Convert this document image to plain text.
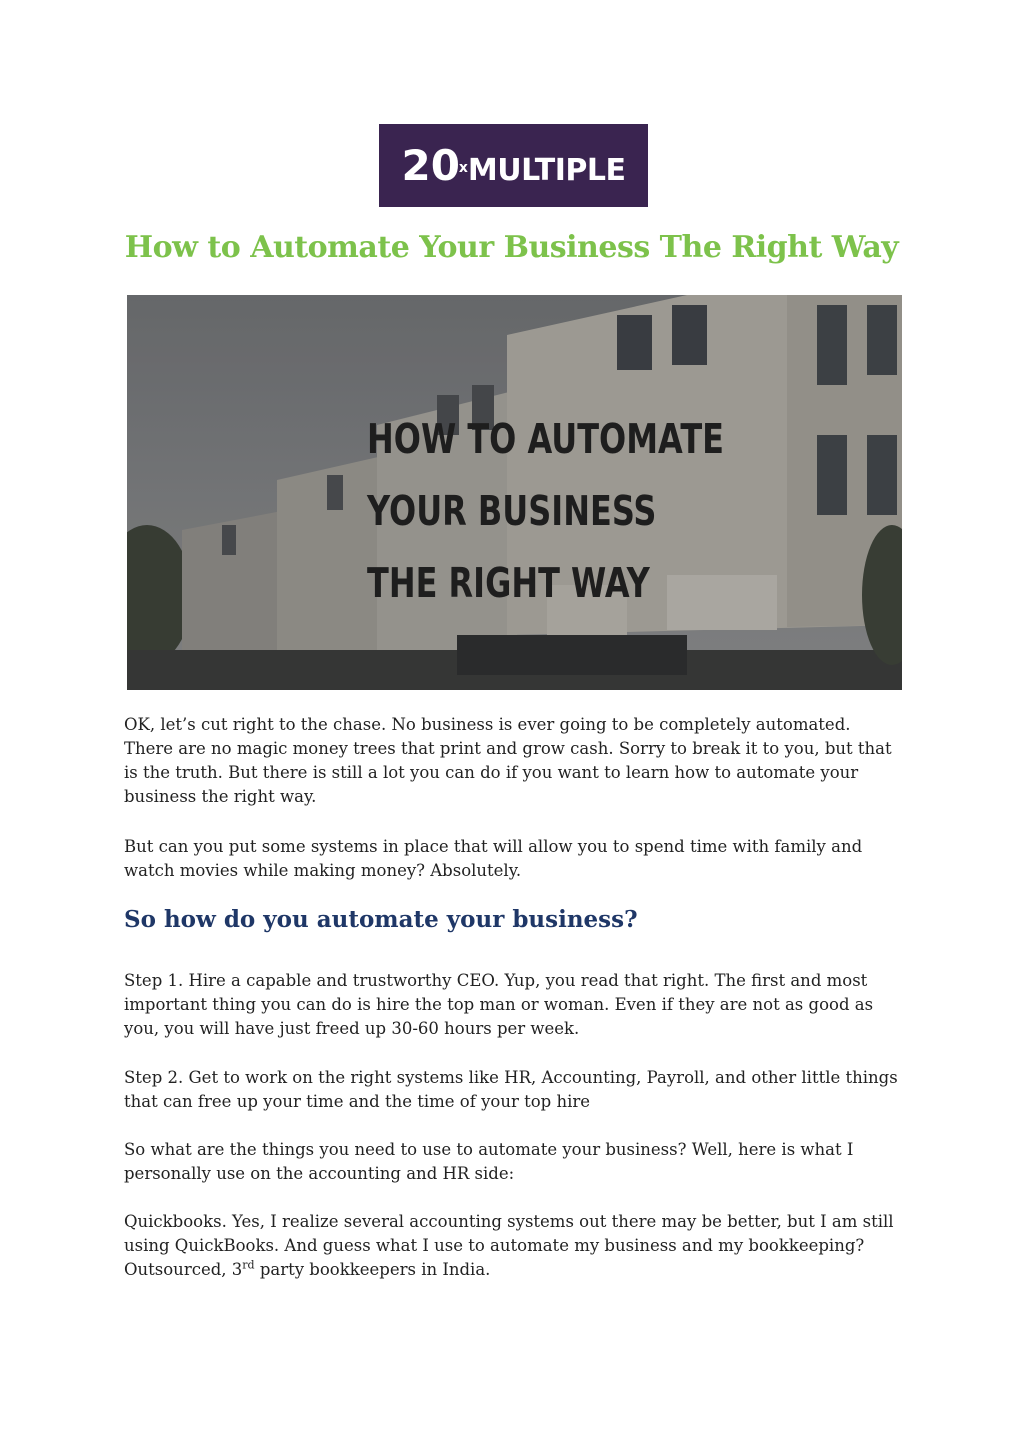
20
x MULTIPLE
How to Automate Your Business The Right Way
HOW TO AUTOMATE
YOUR BUSINESS
THE RIGHT WAY

OK, let’s cut right to the chase. No business is ever going to be completely automated. There are no magic money trees that print and grow cash. Sorry to break it to you, but that is the truth. But there is still a lot you can do if you want to learn how to automate your business the right way.

But can you put some systems in place that will allow you to spend time with family and watch movies while making money? Absolutely.

So how do you automate your business?

Step 1. Hire a capable and trustworthy CEO. Yup, you read that right. The first and most important thing you can do is hire the top man or woman. Even if they are not as good as you, you will have just freed up 30-60 hours per week.

Step 2. Get to work on the right systems like HR, Accounting, Payroll, and other little things that can free up your time and the time of your top hire

So what are the things you need to use to automate your business? Well, here is what I personally use on the accounting and HR side:

Quickbooks. Yes, I realize several accounting systems out there may be better, but I am still using QuickBooks. And guess what I use to automate my business and my bookkeeping? Outsourced, 3rd party bookkeepers in India.
